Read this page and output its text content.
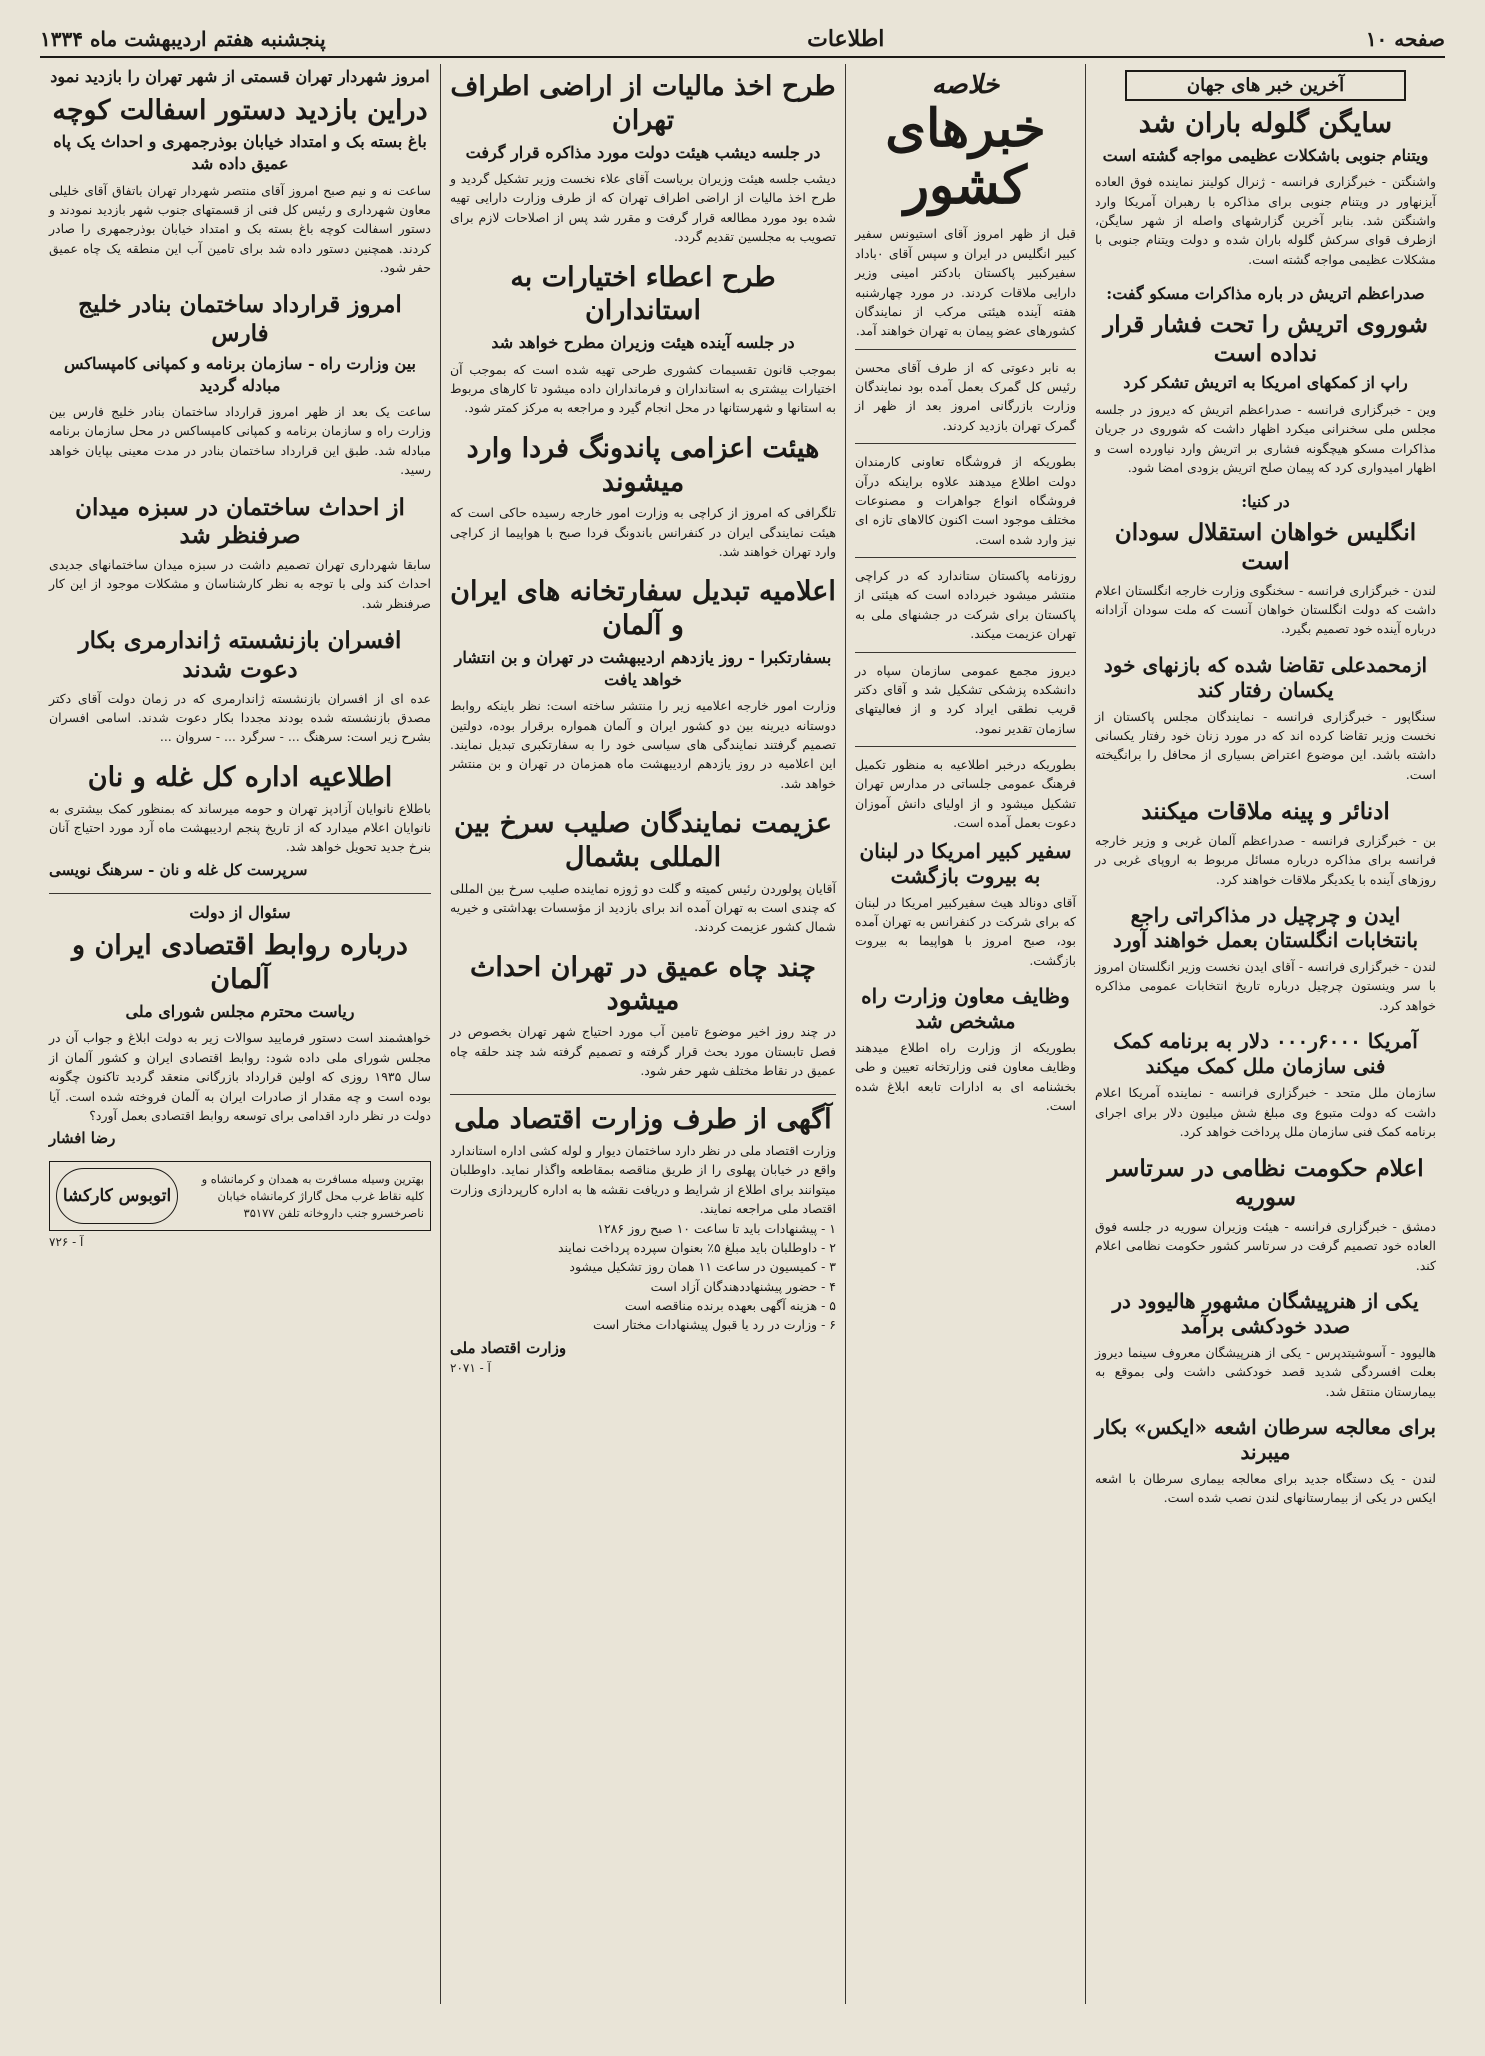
صفحه ۱۰
اطلاعات
پنجشنبه هفتم اردیبهشت ماه ۱۳۳۴
آخرین خبر های جهان
سایگن گلوله باران شد
ویتنام جنوبی باشکلات عظیمی مواجه گشته است

واشنگتن - خبرگزاری فرانسه - ژنرال کولینز نماینده فوق العاده آیزنهاور در ویتنام جنوبی برای مذاکره با رهبران آمریکا وارد واشنگتن شد. بنابر آخرین گزارشهای واصله از شهر سایگن، ازطرف قوای سرکش گلوله باران شده و دولت ویتنام جنوبی با مشکلات عظیمی مواجه گشته است.

صدراعظم اتریش در باره مذاکرات مسکو گفت:
شوروی اتریش را تحت فشار قرار نداده است
راپ از کمکهای امریکا به اتریش تشکر کرد

وین - خبرگزاری فرانسه - صدراعظم اتریش که دیروز در جلسه مجلس ملی سخنرانی میکرد اظهار داشت که شوروی در جریان مذاکرات مسکو هیچگونه فشاری بر اتریش وارد نیاورده است و اظهار امیدواری کرد که پیمان صلح اتریش بزودی امضا شود.

در کنیا:
انگلیس خواهان استقلال سودان است

لندن - خبرگزاری فرانسه - سخنگوی وزارت خارجه انگلستان اعلام داشت که دولت انگلستان خواهان آنست که ملت سودان آزادانه درباره آینده خود تصمیم بگیرد.

ازمحمدعلی تقاضا شده که بازنهای خود یکسان رفتار کند

سنگاپور - خبرگزاری فرانسه - نمایندگان مجلس پاکستان از نخست وزیر تقاضا کرده اند که در مورد زنان خود رفتار یکسانی داشته باشد. این موضوع اعتراض بسیاری از محافل را برانگیخته است.

ادنائر و پینه ملاقات میکنند

بن - خبرگزاری فرانسه - صدراعظم آلمان غربی و وزیر خارجه فرانسه برای مذاکره درباره مسائل مربوط به اروپای غربی در روزهای آینده با یکدیگر ملاقات خواهند کرد.

ایدن و چرچیل در مذاکراتی راجع بانتخابات انگلستان بعمل خواهند آورد

لندن - خبرگزاری فرانسه - آقای ایدن نخست وزیر انگلستان امروز با سر وینستون چرچیل درباره تاریخ انتخابات عمومی مذاکره خواهد کرد.

آمریکا ۶۰۰۰ر۰۰۰ دلار به برنامه کمک فنی سازمان ملل کمک میکند

سازمان ملل متحد - خبرگزاری فرانسه - نماینده آمریکا اعلام داشت که دولت متبوع وی مبلغ شش میلیون دلار برای اجرای برنامه کمک فنی سازمان ملل پرداخت خواهد کرد.

اعلام حکومت نظامی در سرتاسر سوریه

دمشق - خبرگزاری فرانسه - هیئت وزیران سوریه در جلسه فوق العاده خود تصمیم گرفت در سرتاسر کشور حکومت نظامی اعلام کند.

یکی از هنرپیشگان مشهور هالیوود در صدد خودکشی برآمد

هالیوود - آسوشیتدپرس - یکی از هنرپیشگان معروف سینما دیروز بعلت افسردگی شدید قصد خودکشی داشت ولی بموقع به بیمارستان منتقل شد.

برای معالجه سرطان اشعه «ایکس» بکار میبرند

لندن - یک دستگاه جدید برای معالجه بیماری سرطان با اشعه ایکس در یکی از بیمارستانهای لندن نصب شده است.

خلاصه
خبرهای کشور

قبل از ظهر امروز آقای استیونس سفیر کبیر انگلیس در ایران و سپس آقای ۰باداد سفیرکبیر پاکستان بادکتر امینی وزیر دارایی ملاقات کردند. در مورد چهارشنبه هفته آینده هیئتی مرکب از نمایندگان کشورهای عضو پیمان به تهران خواهند آمد.

به نابر دعوتی که از طرف آقای محسن رئیس کل گمرک بعمل آمده بود نمایندگان وزارت بازرگانی امروز بعد از ظهر از گمرک تهران بازدید کردند.

بطوریکه از فروشگاه تعاونی کارمندان دولت اطلاع میدهند علاوه براینکه درآن فروشگاه انواع جواهرات و مصنوعات مختلف موجود است اکنون کالاهای تازه ای نیز وارد شده است.

روزنامه پاکستان ستاندارد که در کراچی منتشر میشود خبرداده است که هیئتی از پاکستان برای شرکت در جشنهای ملی به تهران عزیمت میکند.

دیروز مجمع عمومی سازمان سپاه در دانشکده پزشکی تشکیل شد و آقای دکتر قریب نطقی ایراد کرد و از فعالیتهای سازمان تقدیر نمود.

بطوریکه درخبر اطلاعیه به منظور تکمیل فرهنگ عمومی جلساتی در مدارس تهران تشکیل میشود و از اولیای دانش آموزان دعوت بعمل آمده است.

سفیر کبیر امریکا در لبنان به بیروت بازگشت

آقای دونالد هیث سفیرکبیر امریکا در لبنان که برای شرکت در کنفرانس به تهران آمده بود، صبح امروز با هواپیما به بیروت بازگشت.

وظایف معاون وزارت راه مشخص شد

بطوریکه از وزارت راه اطلاع میدهند وظایف معاون فنی وزارتخانه تعیین و طی بخشنامه ای به ادارات تابعه ابلاغ شده است.

طرح اخذ مالیات از اراضی اطراف تهران
در جلسه دیشب هیئت دولت مورد مذاکره قرار گرفت

دیشب جلسه هیئت وزیران بریاست آقای علاء نخست وزیر تشکیل گردید و طرح اخذ مالیات از اراضی اطراف تهران که از طرف وزارت دارایی تهیه شده بود مورد مطالعه قرار گرفت و مقرر شد پس از اصلاحات لازم برای تصویب به مجلسین تقدیم گردد.

طرح اعطاء اختیارات به استانداران
در جلسه آینده هیئت وزیران مطرح خواهد شد

بموجب قانون تقسیمات کشوری طرحی تهیه شده است که بموجب آن اختیارات بیشتری به استانداران و فرمانداران داده میشود تا کارهای مربوط به استانها و شهرستانها در محل انجام گیرد و مراجعه به مرکز کمتر شود.

هیئت اعزامی پاندونگ فردا وارد میشوند

تلگرافی که امروز از کراچی به وزارت امور خارجه رسیده حاکی است که هیئت نمایندگی ایران در کنفرانس باندونگ فردا صبح با هواپیما از کراچی وارد تهران خواهند شد.

اعلامیه تبدیل سفارتخانه های ایران و آلمان
بسفارتکبرا - روز یازدهم اردیبهشت در تهران و بن انتشار خواهد یافت

وزارت امور خارجه اعلامیه زیر را منتشر ساخته است: نظر باینکه روابط دوستانه دیرینه بین دو کشور ایران و آلمان همواره برقرار بوده، دولتین تصمیم گرفتند نمایندگی های سیاسی خود را به سفارتکبری تبدیل نمایند. این اعلامیه در روز یازدهم اردیبهشت ماه همزمان در تهران و بن منتشر خواهد شد.

عزیمت نمایندگان صلیب سرخ بین المللی بشمال

آقایان پولوردن رئیس کمیته و گلت دو ژوزه نماینده صلیب سرخ بین المللی که چندی است به تهران آمده اند برای بازدید از مؤسسات بهداشتی و خیریه شمال کشور عزیمت کردند.

چند چاه عمیق در تهران احداث میشود

در چند روز اخیر موضوع تامین آب مورد احتیاج شهر تهران بخصوص در فصل تابستان مورد بحث قرار گرفته و تصمیم گرفته شد چند حلقه چاه عمیق در نقاط مختلف شهر حفر شود.

آگهی از طرف وزارت اقتصاد ملی

وزارت اقتصاد ملی در نظر دارد ساختمان دیوار و لوله کشی اداره استاندارد واقع در خیابان پهلوی را از طریق مناقصه بمقاطعه واگذار نماید. داوطلبان میتوانند برای اطلاع از شرایط و دریافت نقشه ها به اداره کارپردازی وزارت اقتصاد ملی مراجعه نمایند.

۱ - پیشنهادات باید تا ساعت ۱۰ صبح روز ۱۲۸۶

۲ - داوطلبان باید مبلغ ۵٪ بعنوان سپرده پرداخت نمایند

۳ - کمیسیون در ساعت ۱۱ همان روز تشکیل میشود

۴ - حضور پیشنهاددهندگان آزاد است

۵ - هزینه آگهی بعهده برنده مناقصه است

۶ - وزارت در رد یا قبول پیشنهادات مختار است

وزارت اقتصاد ملی
آ - ۲۰۷۱
امروز شهردار تهران قسمتی از شهر تهران را بازدید نمود
دراین بازدید دستور اسفالت کوچه
باغ بسته بک و امتداد خیابان بوذرجمهری و احداث یک پاه عمیق داده شد

ساعت نه و نیم صبح امروز آقای منتصر شهردار تهران باتفاق آقای خلیلی معاون شهرداری و رئیس کل فنی از قسمتهای جنوب شهر بازدید نمودند و دستور اسفالت کوچه باغ بسته بک و امتداد خیابان بوذرجمهری را صادر کردند. همچنین دستور داده شد برای تامین آب این منطقه یک چاه عمیق حفر شود.

امروز قرارداد ساختمان بنادر خلیج فارس
بین وزارت راه - سازمان برنامه و کمپانی کامپساکس مبادله گردید

ساعت یک بعد از ظهر امروز قرارداد ساختمان بنادر خلیج فارس بین وزارت راه و سازمان برنامه و کمپانی کامپساکس در محل سازمان برنامه مبادله شد. طبق این قرارداد ساختمان بنادر در مدت معینی بپایان خواهد رسید.

از احداث ساختمان در سبزه میدان صرفنظر شد

سابقا شهرداری تهران تصمیم داشت در سبزه میدان ساختمانهای جدیدی احداث کند ولی با توجه به نظر کارشناسان و مشکلات موجود از این کار صرفنظر شد.

افسران بازنشسته ژاندارمری بکار دعوت شدند

عده ای از افسران بازنشسته ژاندارمری که در زمان دولت آقای دکتر مصدق بازنشسته شده بودند مجددا بکار دعوت شدند. اسامی افسران بشرح زیر است: سرهنگ ... - سرگرد ... - سروان ...

اطلاعیه اداره کل غله و نان

باطلاع نانوایان آزادپز تهران و حومه میرساند که بمنظور کمک بیشتری به نانوایان اعلام میدارد که از تاریخ پنجم اردیبهشت ماه آرد مورد احتیاج آنان بنرخ جدید تحویل خواهد شد.

سرپرست کل غله و نان - سرهنگ نویسی
سئوال از دولت
درباره روابط اقتصادی ایران و آلمان
ریاست محترم مجلس شورای ملی

خواهشمند است دستور فرمایید سوالات زیر به دولت ابلاغ و جواب آن در مجلس شورای ملی داده شود: روابط اقتصادی ایران و کشور آلمان از سال ۱۹۳۵ روزی که اولین قرارداد بازرگانی منعقد گردید تاکنون چگونه بوده است و چه مقدار از صادرات ایران به آلمان فروخته شده است. آیا دولت در نظر دارد اقدامی برای توسعه روابط اقتصادی بعمل آورد؟

رضا افشار
بهترین وسیله مسافرت به همدان و کرمانشاه و کلیه نقاط غرب محل گاراژ کرمانشاه خیابان ناصرخسرو جنب داروخانه تلفن ۳۵۱۷۷
اتوبوس کارکشا
آ - ۷۲۶
